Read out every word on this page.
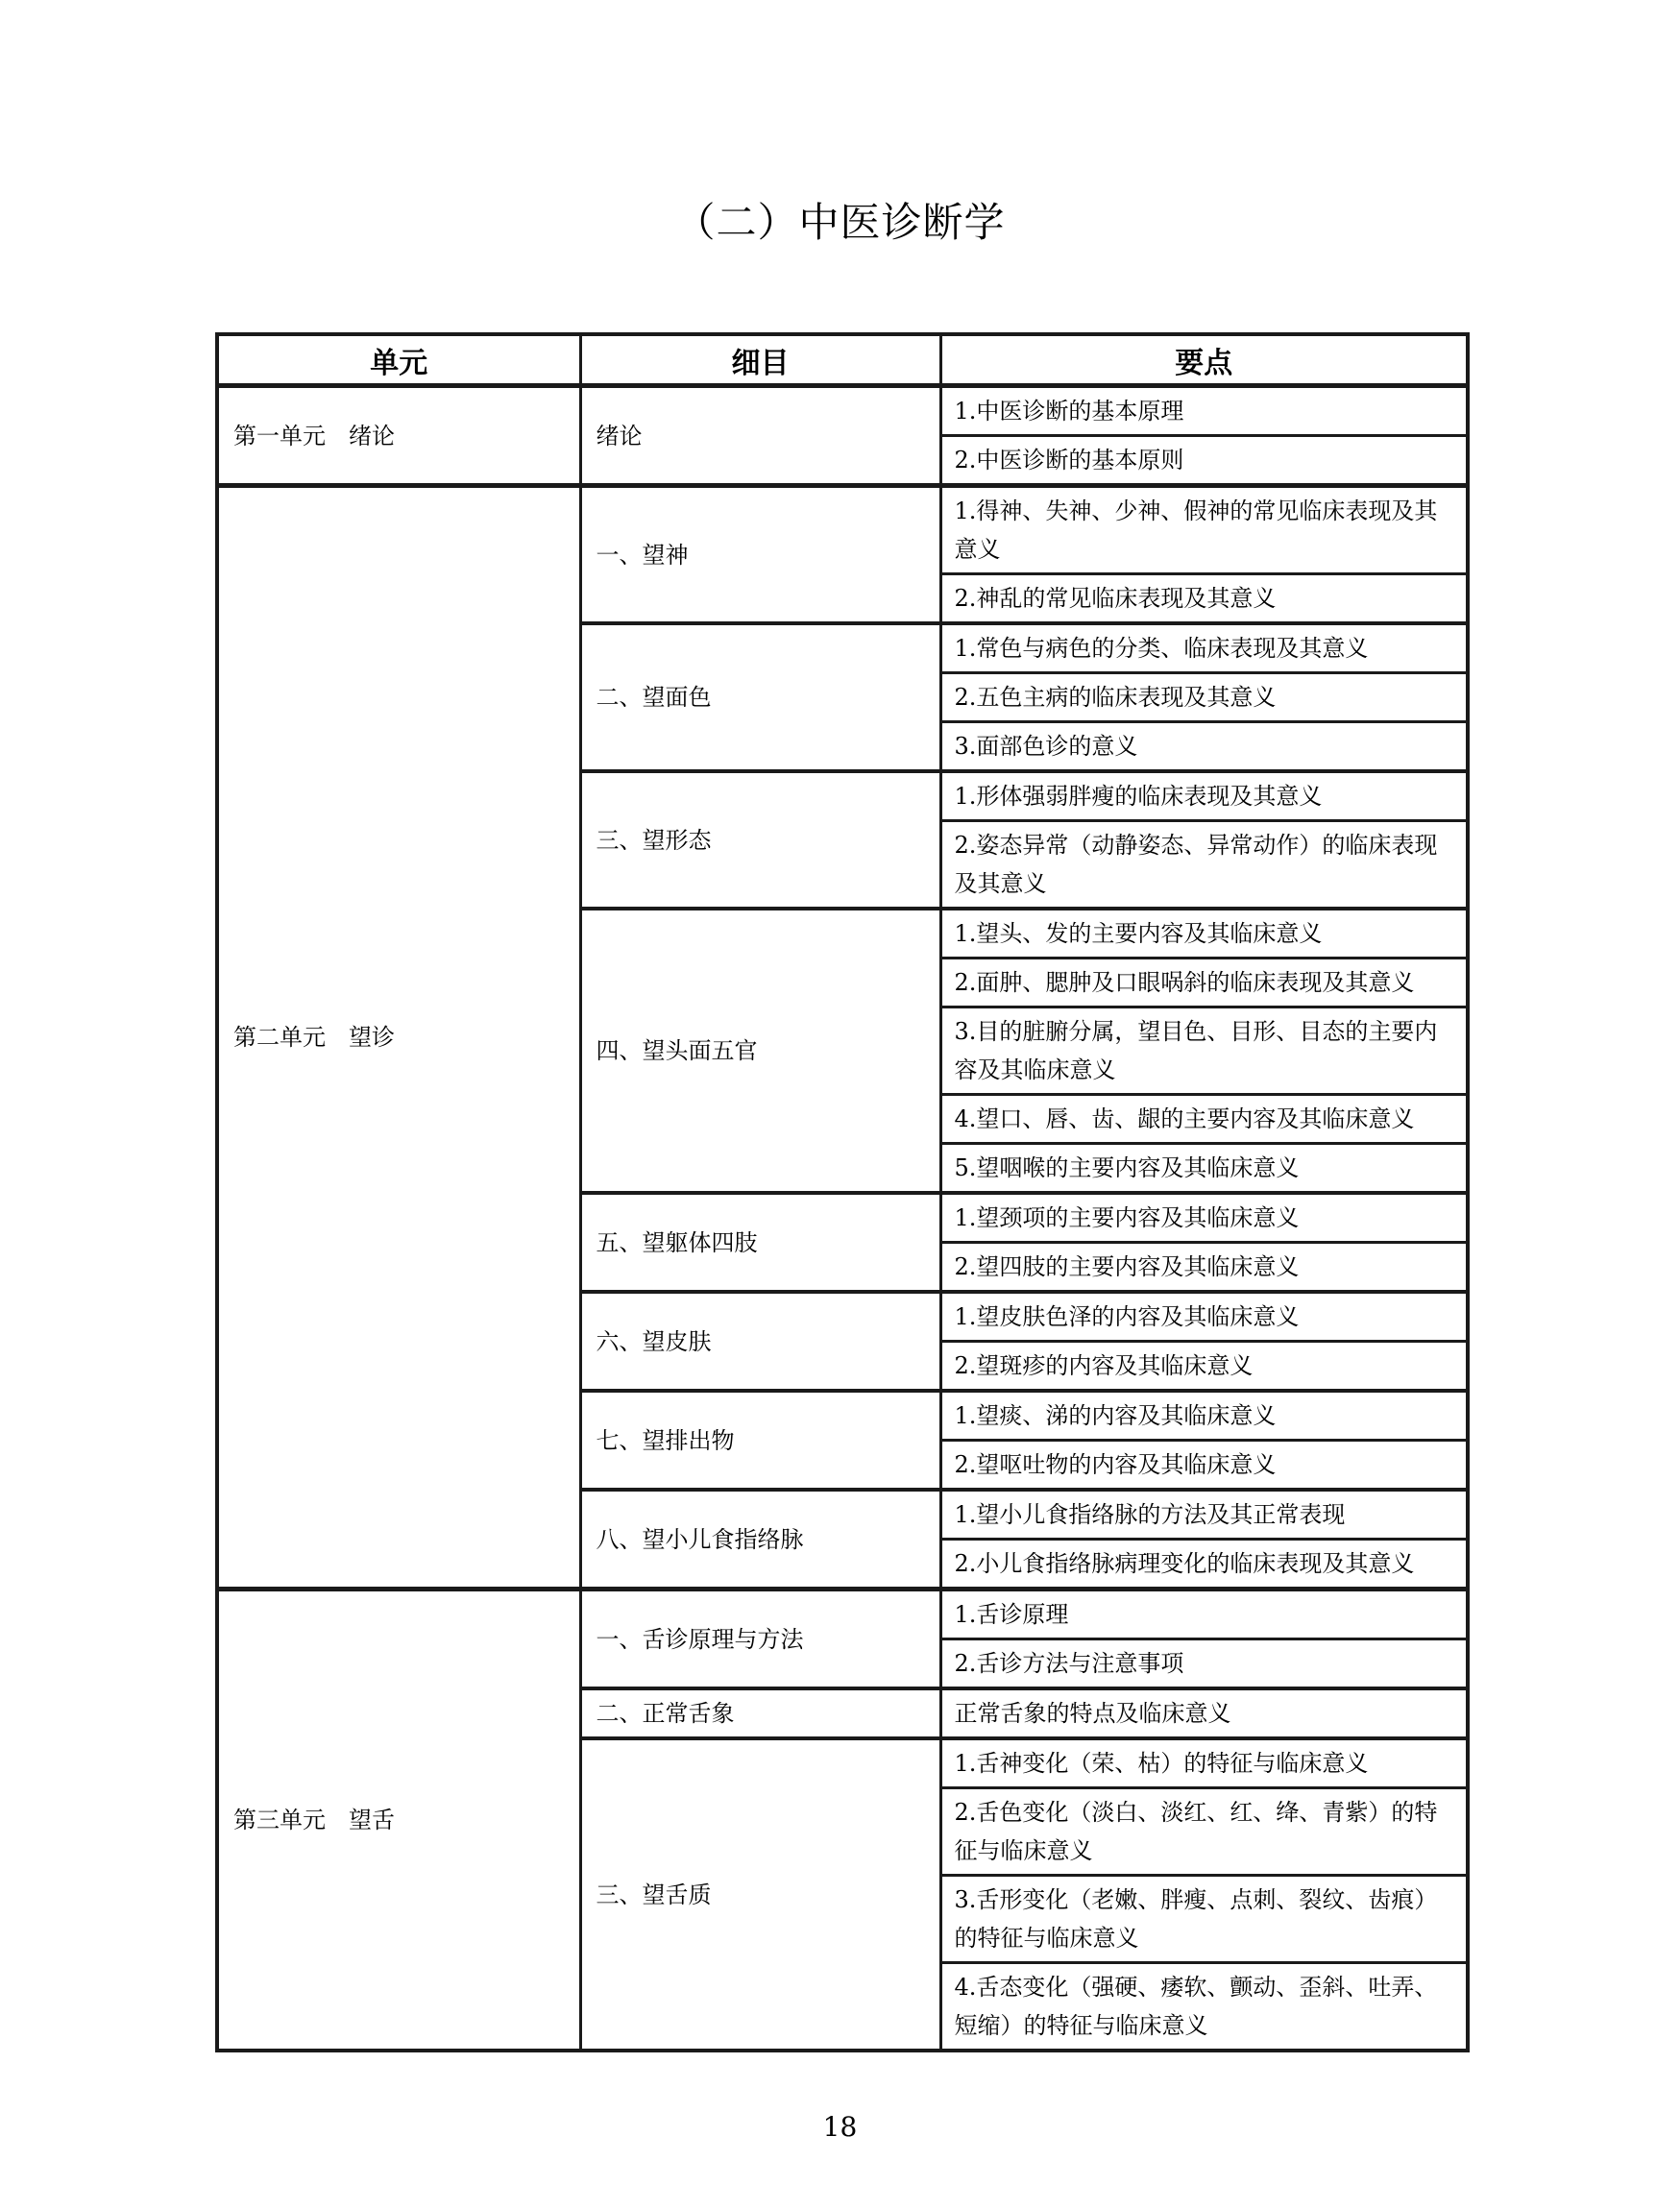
（二）中医诊断学
单元	细目	要点
第一单元　绪论	绪论	1.中医诊断的基本原理
		2.中医诊断的基本原则
第二单元　望诊	一、望神	1.得神、失神、少神、假神的常见临床表现及其意义
		2.神乱的常见临床表现及其意义
	二、望面色	1.常色与病色的分类、临床表现及其意义
		2.五色主病的临床表现及其意义
		3.面部色诊的意义
	三、望形态	1.形体强弱胖瘦的临床表现及其意义
		2.姿态异常（动静姿态、异常动作）的临床表现及其意义
	四、望头面五官	1.望头、发的主要内容及其临床意义
		2.面肿、腮肿及口眼㖞斜的临床表现及其意义
		3.目的脏腑分属，望目色、目形、目态的主要内容及其临床意义
		4.望口、唇、齿、龈的主要内容及其临床意义
		5.望咽喉的主要内容及其临床意义
	五、望躯体四肢	1.望颈项的主要内容及其临床意义
		2.望四肢的主要内容及其临床意义
	六、望皮肤	1.望皮肤色泽的内容及其临床意义
		2.望斑疹的内容及其临床意义
	七、望排出物	1.望痰、涕的内容及其临床意义
		2.望呕吐物的内容及其临床意义
	八、望小儿食指络脉	1.望小儿食指络脉的方法及其正常表现
		2.小儿食指络脉病理变化的临床表现及其意义
第三单元　望舌	一、舌诊原理与方法	1.舌诊原理
		2.舌诊方法与注意事项
	二、正常舌象	正常舌象的特点及临床意义
	三、望舌质	1.舌神变化（荣、枯）的特征与临床意义
		2.舌色变化（淡白、淡红、红、绛、青紫）的特征与临床意义
		3.舌形变化（老嫩、胖瘦、点刺、裂纹、齿痕）的特征与临床意义
		4.舌态变化（强硬、痿软、颤动、歪斜、吐弄、短缩）的特征与临床意义
18
